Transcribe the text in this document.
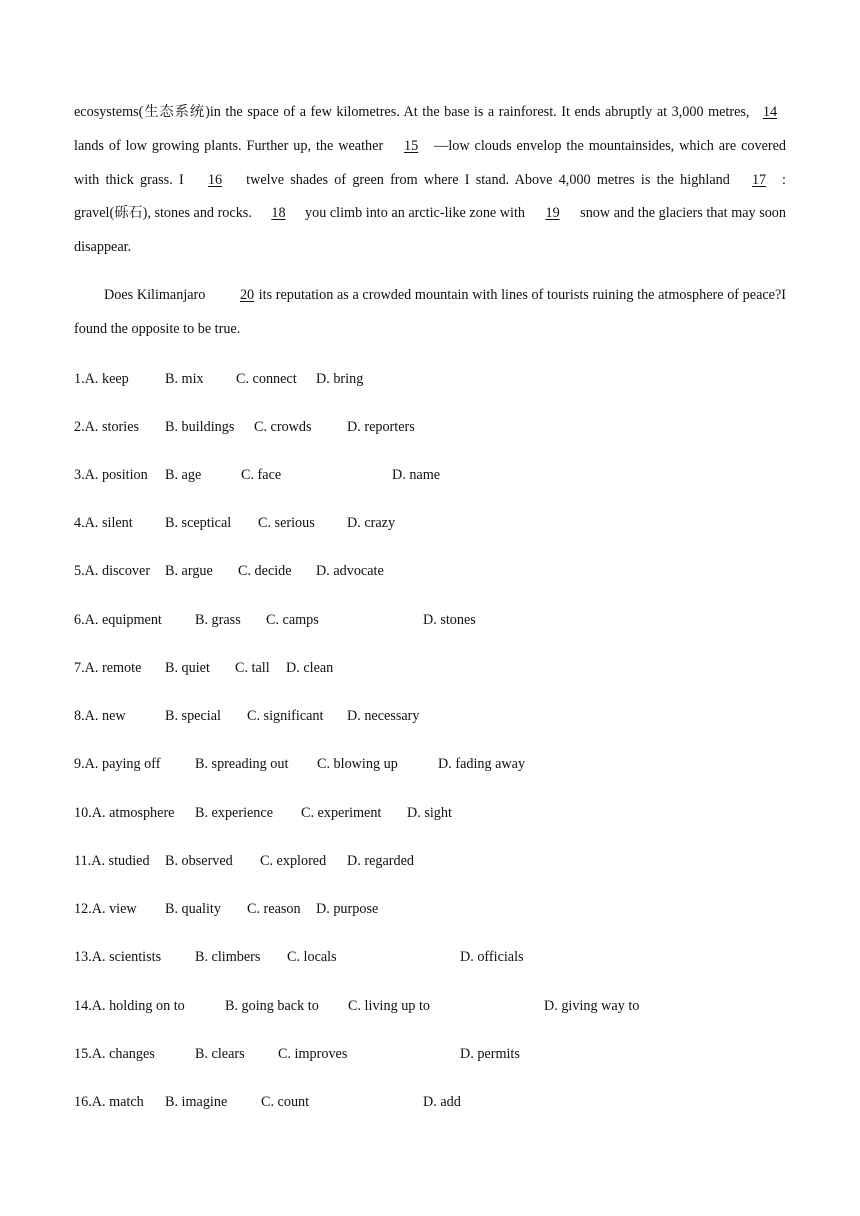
ecosystems(生态系统)in the space of a few kilometres. At the base is a rainforest. It ends abruptly at 3,000 metres, 14 lands of low growing plants. Further up, the weather 15 —low clouds envelop the mountainsides, which are covered with thick grass. I 16 twelve shades of green from where I stand. Above 4,000 metres is the highland 17 : gravel(砾石), stones and rocks. 18 you climb into an arctic-like zone with 19 snow and the glaciers that may soon disappear.

Does Kilimanjaro 20 its reputation as a crowded mountain with lines of tourists ruining the atmosphere of peace?I found the opposite to be true.

1.A. keep	B. mix C. connect D. bring
2.A. stories B. buildings C. crowds D. reporters
3.A. position B. age	C. face	D. name
4.A. silent B. sceptical C. serious D. crazy
5.A. discover B. argue C. decide D. advocate
6.A. equipment B. grass C. camps	D. stones
7.A. remote B. quiet C. tall D. clean
8.A. new	B. special C. significant D. necessary
9.A. paying off B. spreading out C. blowing up	D. fading away
10.A. atmosphere B. experience C. experiment D. sight
11.A. studied B. observed C. explored D. regarded
12.A. view B. quality C. reason D. purpose
13.A. scientists B. climbers C. locals	D. officials
14.A. holding on to	B. going back to C. living up to	D. giving way to
15.A. changes	B. clears C. improves	D. permits
16.A. match B. imagine C. count	D. add
